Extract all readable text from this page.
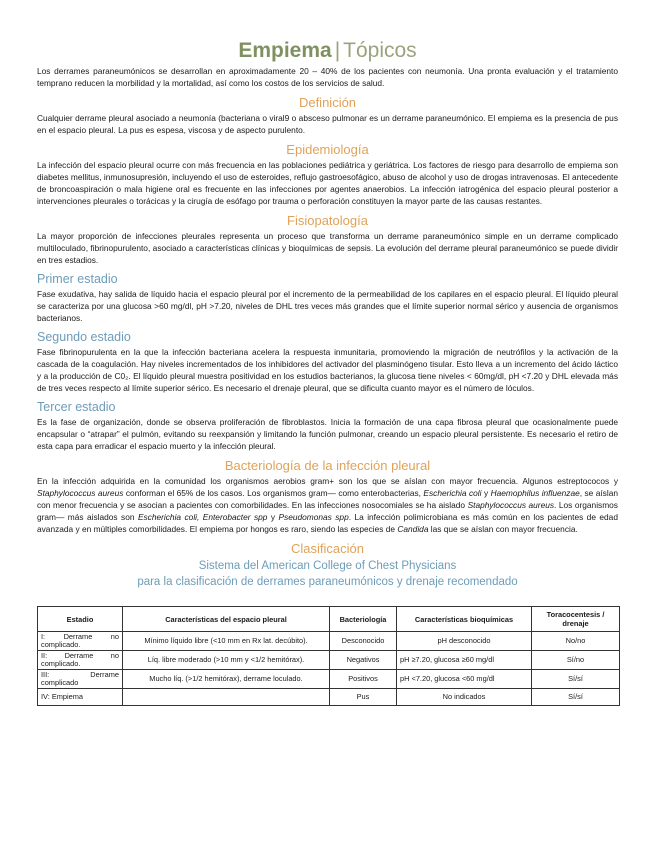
Empiema | Tópicos

Los derrames paraneumónicos se desarrollan en aproximadamente 20 – 40% de los pacientes con neumonía. Una pronta evaluación y el tratamiento temprano reducen la morbilidad y la mortalidad, así como los costos de los servicios de salud.

Definición

Cualquier derrame pleural asociado a neumonía (bacteriana o viral9 o absceso pulmonar es un derrame paraneumónico. El empiema es la presencia de pus en el espacio pleural. La pus es espesa, viscosa y de aspecto purulento.

Epidemiología

La infección del espacio pleural ocurre con más frecuencia en las poblaciones pediátrica y geriátrica. Los factores de riesgo para desarrollo de empiema son diabetes mellitus, inmunosupresión, incluyendo el uso de esteroides, reflujo gastroesofágico, abuso de alcohol y uso de drogas intravenosas. El antecedente de broncoaspiración o mala higiene oral es frecuente en las infecciones por agentes anaerobios. La infección iatrogénica del espacio pleural posterior a intervenciones pleurales o torácicas y la cirugía de esófago por trauma o perforación constituyen la mayor parte de las causas restantes.

Fisiopatología

La mayor proporción de infecciones pleurales representa un proceso que transforma un derrame paraneumónico simple en un derrame complicado multiloculado, fibrinopurulento, asociado a características clínicas y bioquímicas de sepsis. La evolución del derrame pleural paraneumónico se puede dividir en tres estadios.

Primer estadio

Fase exudativa, hay salida de líquido hacia el espacio pleural por el incremento de la permeabilidad de los capilares en el espacio pleural. El líquido pleural se caracteriza por una glucosa >60 mg/dl, pH >7.20, niveles de DHL tres veces más grandes que el límite superior normal sérico y ausencia de organismos bacterianos.

Segundo estadio

Fase fibrinopurulenta en la que la infección bacteriana acelera la respuesta inmunitaria, promoviendo la migración de neutrófilos y la activación de la cascada de la coagulación. Hay niveles incrementados de los inhibidores del activador del plasminógeno tisular. Esto lleva a un incremento del ácido láctico y a la producción de C0₂. El líquido pleural muestra positividad en los estudios bacterianos, la glucosa tiene niveles < 60mg/dl, pH <7.20 y DHL elevada más de tres veces respecto al límite superior sérico. Es necesario el drenaje pleural, que se dificulta cuanto mayor es el número de lóculos.

Tercer estadio

Es la fase de organización, donde se observa proliferación de fibroblastos. Inicia la formación de una capa fibrosa pleural que ocasionalmente puede encapsular o “atrapar” el pulmón, evitando su reexpansión y limitando la función pulmonar, creando un espacio pleural persistente. Es necesario el retiro de esta capa para erradicar el espacio muerto y la infección pleural.

Bacteriología de la infección pleural

En la infección adquirida en la comunidad los organismos aerobios gram+ son los que se aíslan con mayor frecuencia. Algunos estreptococos y Staphylococcus aureus conforman el 65% de los casos. Los organismos gram— como enterobacterias, Escherichia coli y Haemophilus influenzae, se aíslan con menor frecuencia y se asocian a pacientes con comorbilidades. En las infecciones nosocomiales se ha aislado Staphylococcus aureus. Los organismos gram— más aislados son Escherichia coli, Enterobacter spp y Pseudomonas spp. La infección polimicrobiana es más común en los pacientes de edad avanzada y en múltiples comorbilidades. El empiema por hongos es raro, siendo las especies de Candida las que se aíslan con mayor frecuencia.

Clasificación
Sistema del American College of Chest Physicians
para la clasificación de derrames paraneumónicos y drenaje recomendado
Estadio	Características del espacio pleural	Bacteriología	Características bioquímicas	Toracocentesis / drenaje
I: Derrame no complicado.	Mínimo líquido libre (<10 mm en Rx lat. decúbito).	Desconocido	pH desconocido	No/no
II: Derrame no complicado.	Líq. libre moderado (>10 mm y <1/2 hemitórax).	Negativos	pH ≥7.20, glucosa ≥60 mg/dl	Sí/no
III: Derrame complicado	Mucho líq. (>1/2 hemitórax), derrame loculado.	Positivos	pH <7.20, glucosa <60 mg/dl	Sí/sí
IV: Empiema		Pus	No indicados	Sí/sí
